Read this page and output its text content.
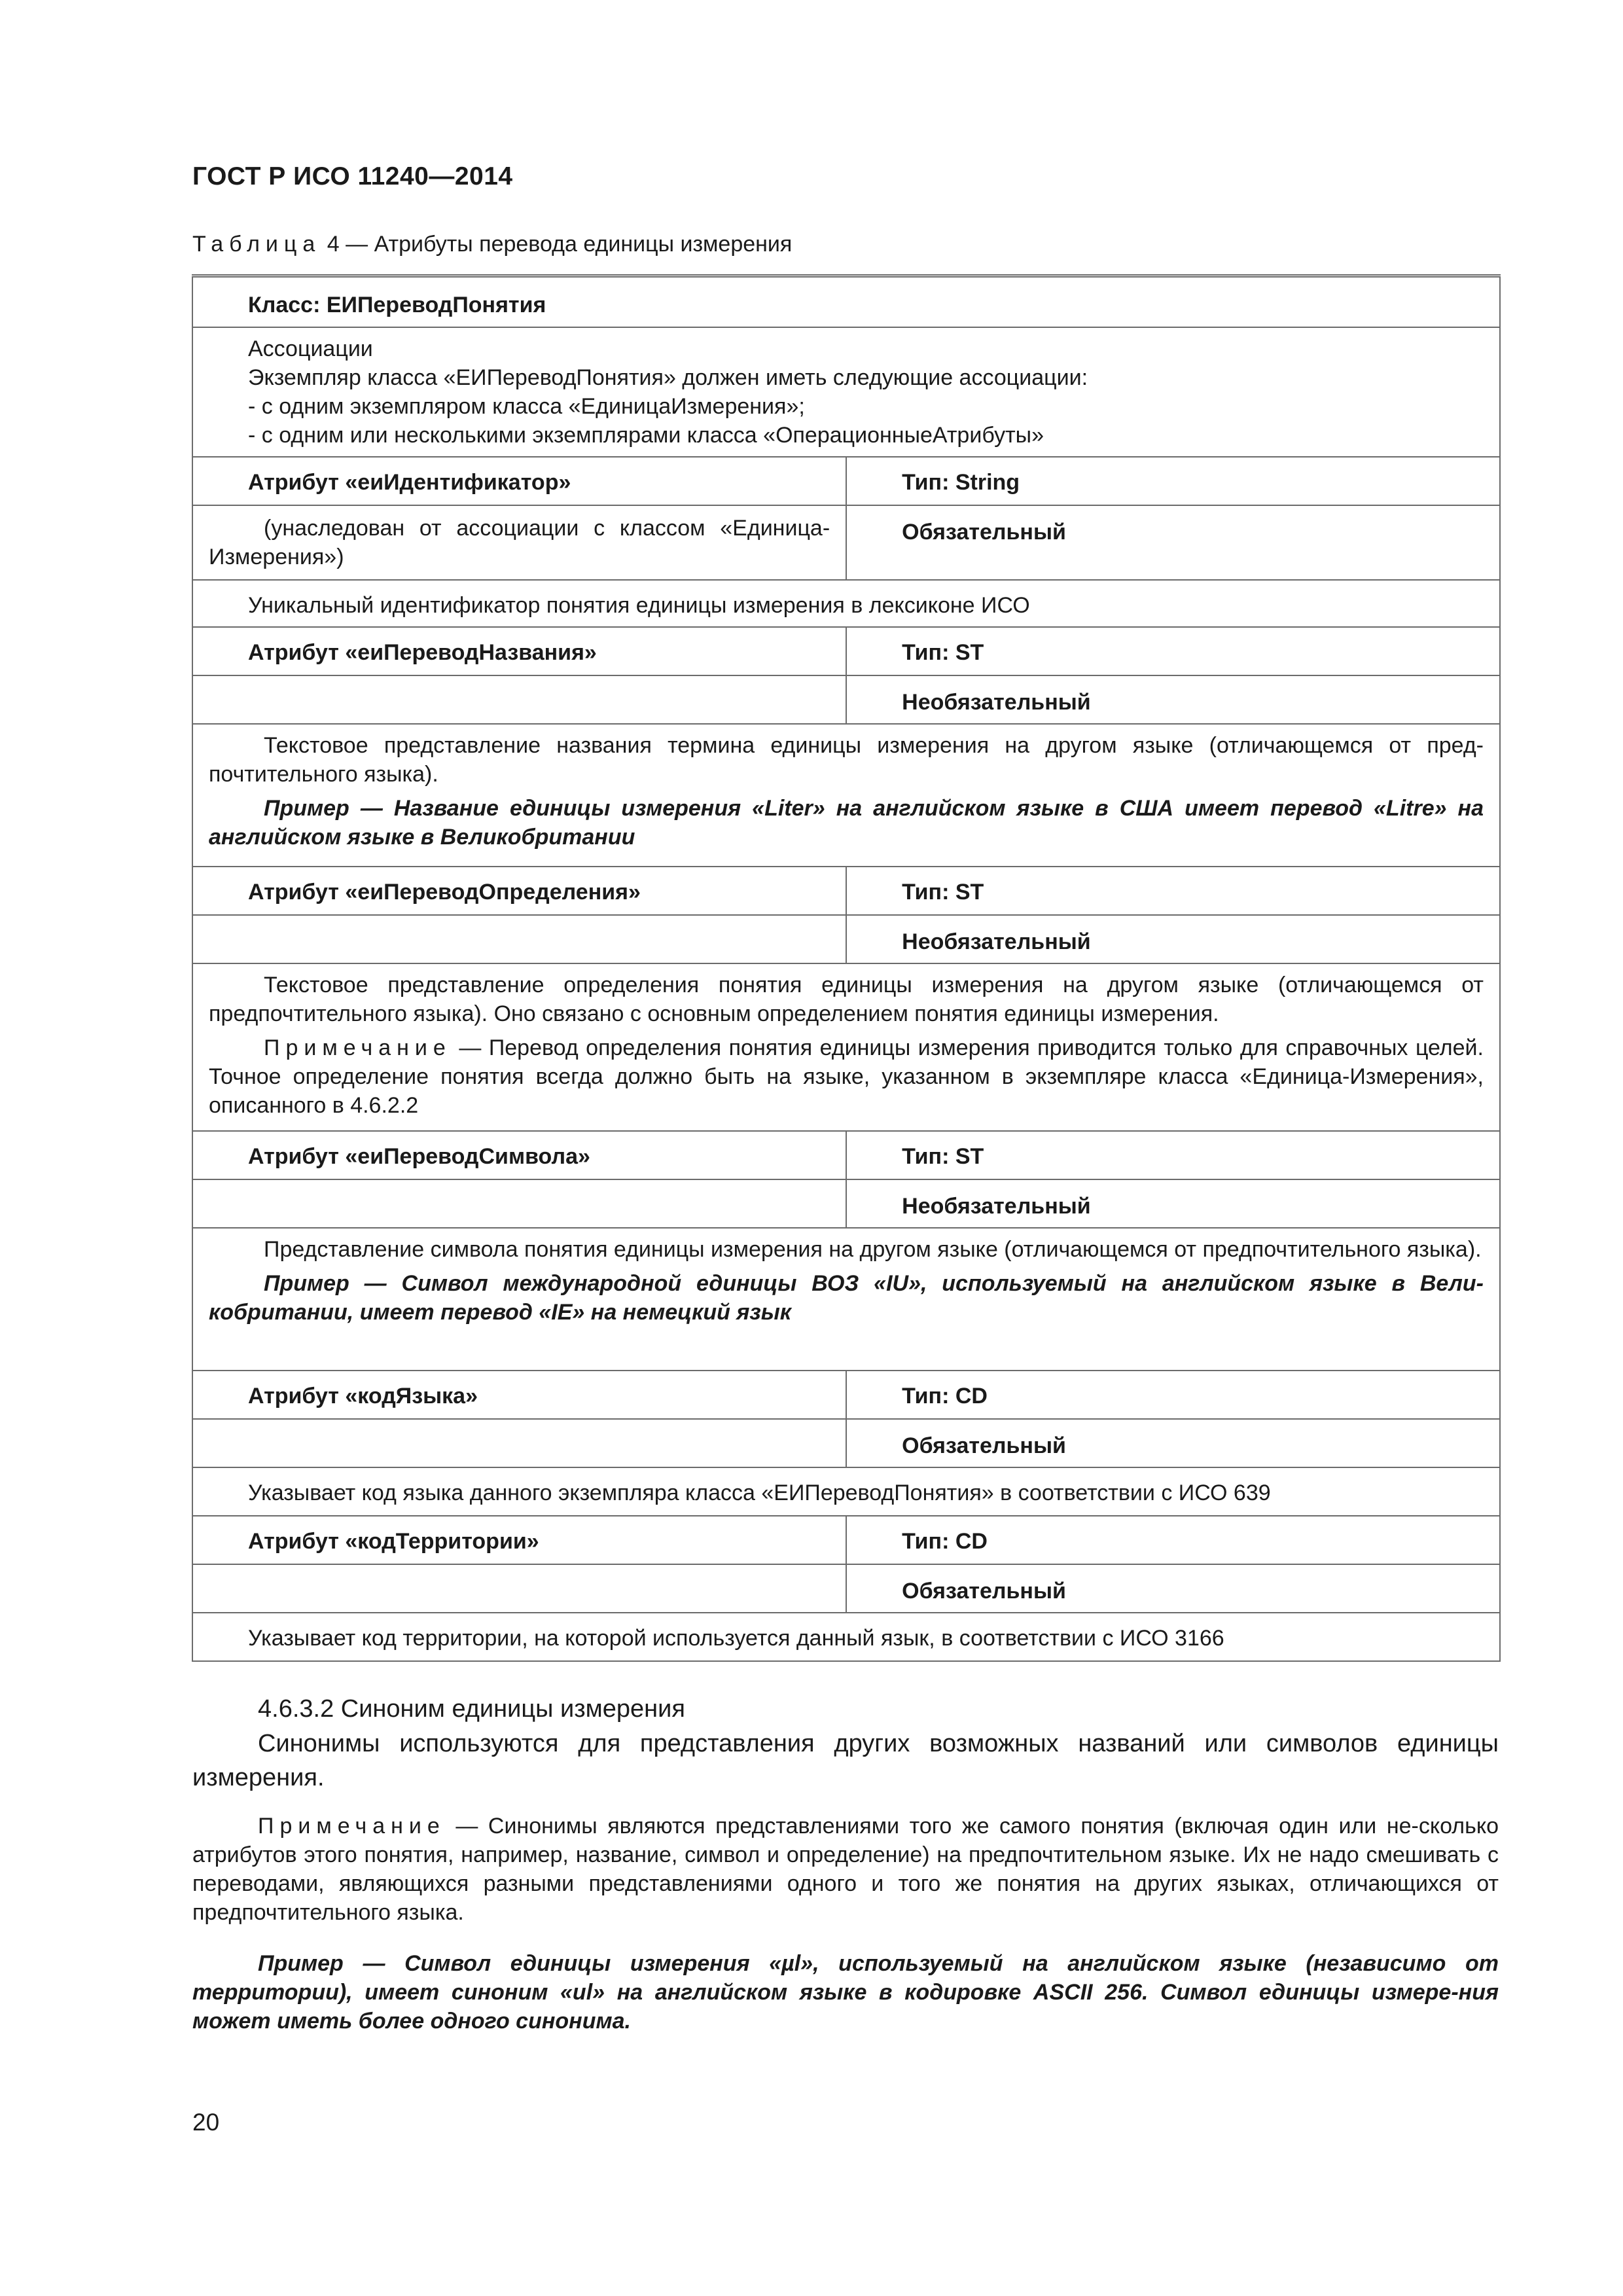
ГОСТ Р ИСО 11240—2014
Таблица 4 — Атрибуты перевода единицы измерения
Класс: ЕИПереводПонятия	

Ассоциации
Экземпляр класса «ЕИПереводПонятия» должен иметь следующие ассоциации:
- с одним экземпляром класса «ЕдиницаИзмерения»;
- с одним или несколькими экземплярами класса «ОперационныеАтрибуты»	

Атрибут «еиИдентификатор»	Тип: String

(унаследован от ассоциации с классом «Единица-Измерения»)	Обязательный
Уникальный идентификатор понятия единицы измерения в лексиконе ИСО	
Атрибут «еиПереводНазвания»	Тип: ST
	Необязательный

Текстовое представление названия термина единицы измерения на другом языке (отличающемся от пред-почтительного языка).

Пример — Название единицы измерения «Liter» на английском языке в США имеет перевод «Litre» на английском языке в Великобритании	

Атрибут «еиПереводОпределения»	Тип: ST
	Необязательный

Текстовое представление определения понятия единицы измерения на другом языке (отличающемся от предпочтительного языка). Оно связано с основным определением понятия единицы измерения.

Примечание — Перевод определения понятия единицы измерения приводится только для справочных целей. Точное определение понятия всегда должно быть на языке, указанном в экземпляре класса «Единица-Измерения», описанного в 4.6.2.2	

Атрибут «еиПереводСимвола»	Тип: ST
	Необязательный

Представление символа понятия единицы измерения на другом языке (отличающемся от предпочтительного языка).

Пример — Символ международной единицы ВОЗ «IU», используемый на английском языке в Вели-кобритании, имеет перевод «IE» на немецкий язык	

Атрибут «кодЯзыка»	Тип: CD
	Обязательный
Указывает код языка данного экземпляра класса «ЕИПереводПонятия» в соответствии с ИСО 639	
Атрибут «кодТерритории»	Тип: CD
	Обязательный
Указывает код территории, на которой используется данный язык, в соответствии с ИСО 3166	
4.6.3.2 Синоним единицы измерения

Синонимы используются для представления других возможных названий или символов единицы измерения.

Примечание — Синонимы являются представлениями того же самого понятия (включая один или не-сколько атрибутов этого понятия, например, название, символ и определение) на предпочтительном языке. Их не надо смешивать с переводами, являющихся разными представлениями одного и того же понятия на других языках, отличающихся от предпочтительного языка.

Пример — Символ единицы измерения «µl», используемый на английском языке (независимо от территории), имеет синоним «ul» на английском языке в кодировке ASCII 256. Символ единицы измере-ния может иметь более одного синонима.

20
